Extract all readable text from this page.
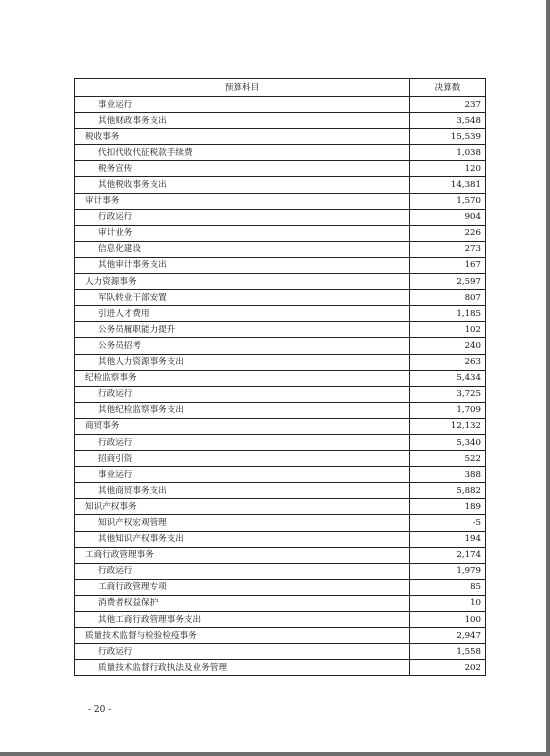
预算科目	决算数
事业运行	237
其他财政事务支出	3,548
税收事务	15,539
代扣代收代征税款手续费	1,038
税务宣传	120
其他税收事务支出	14,381
审计事务	1,570
行政运行	904
审计业务	226
信息化建设	273
其他审计事务支出	167
人力资源事务	2,597
军队转业干部安置	807
引进人才费用	1,185
公务员履职能力提升	102
公务员招考	240
其他人力资源事务支出	263
纪检监察事务	5,434
行政运行	3,725
其他纪检监察事务支出	1,709
商贸事务	12,132
行政运行	5,340
招商引资	522
事业运行	388
其他商贸事务支出	5,882
知识产权事务	189
知识产权宏观管理	-5
其他知识产权事务支出	194
工商行政管理事务	2,174
行政运行	1,979
工商行政管理专项	85
消费者权益保护	10
其他工商行政管理事务支出	100
质量技术监督与检验检疫事务	2,947
行政运行	1,558
质量技术监督行政执法及业务管理	202
- 20 -
